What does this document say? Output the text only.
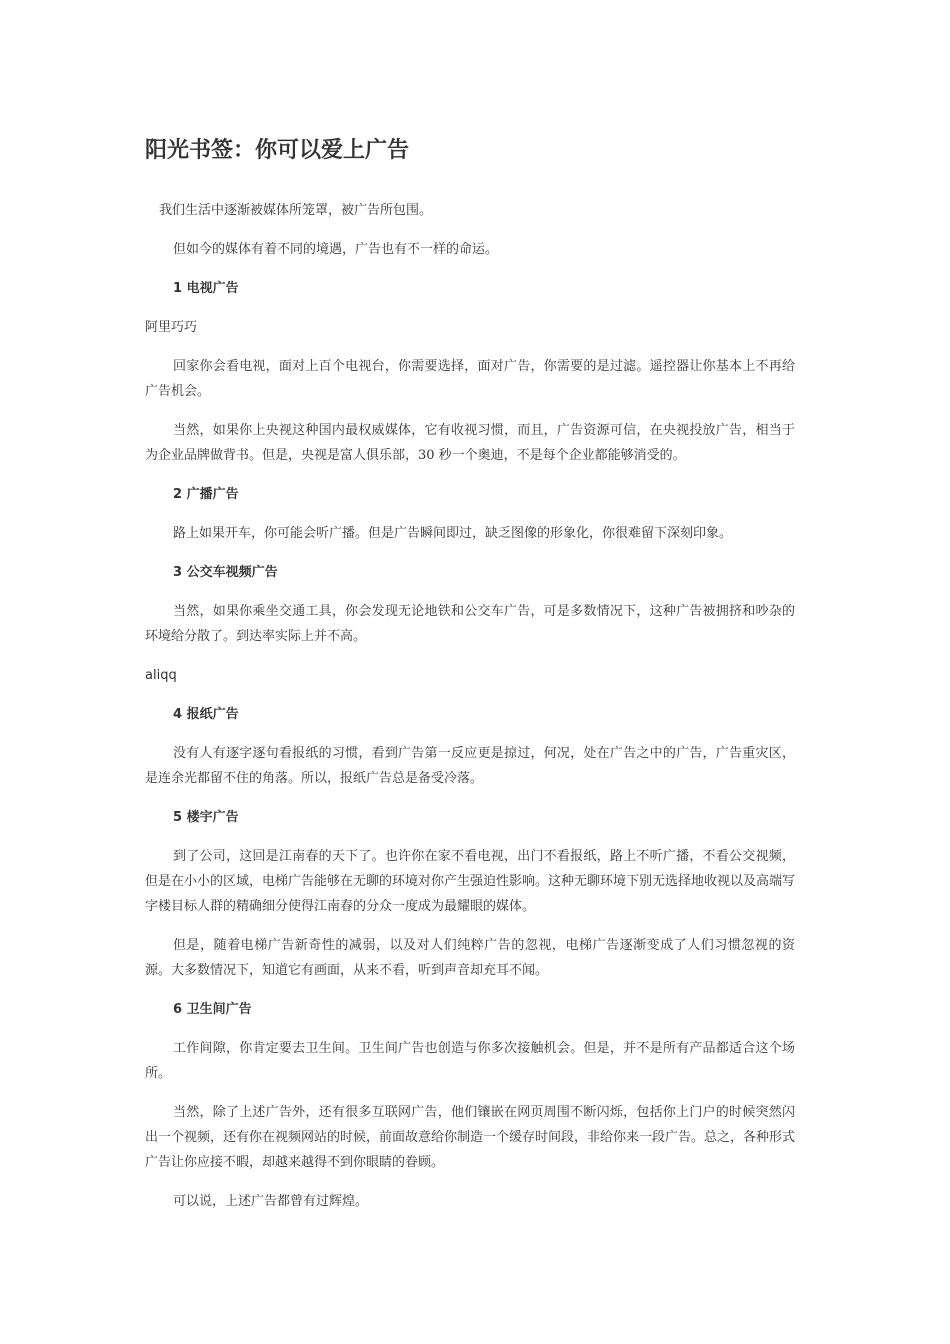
阳光书签：你可以爱上广告

我们生活中逐渐被媒体所笼罩，被广告所包围。

但如今的媒体有着不同的境遇，广告也有不一样的命运。

1 电视广告

阿里巧巧

回家你会看电视，面对上百个电视台，你需要选择，面对广告，你需要的是过滤。遥控器让你基本上不再给广告机会。

当然，如果你上央视这种国内最权威媒体，它有收视习惯，而且，广告资源可信，在央视投放广告，相当于为企业品牌做背书。但是，央视是富人俱乐部，30 秒一个奥迪，不是每个企业都能够消受的。

2 广播广告

路上如果开车，你可能会听广播。但是广告瞬间即过，缺乏图像的形象化，你很难留下深刻印象。

3 公交车视频广告

当然，如果你乘坐交通工具，你会发现无论地铁和公交车广告，可是多数情况下，这种广告被拥挤和吵杂的环境给分散了。到达率实际上并不高。

aliqq

4 报纸广告

没有人有逐字逐句看报纸的习惯，看到广告第一反应更是掠过，何况，处在广告之中的广告，广告重灾区，是连余光都留不住的角落。所以，报纸广告总是备受冷落。

5 楼宇广告

到了公司，这回是江南春的天下了。也许你在家不看电视，出门不看报纸，路上不听广播，不看公交视频，但是在小小的区域，电梯广告能够在无聊的环境对你产生强迫性影响。这种无聊环境下别无选择地收视以及高端写字楼目标人群的精确细分使得江南春的分众一度成为最耀眼的媒体。

但是，随着电梯广告新奇性的减弱，以及对人们纯粹广告的忽视，电梯广告逐渐变成了人们习惯忽视的资源。大多数情况下，知道它有画面，从来不看，听到声音却充耳不闻。

6 卫生间广告

工作间隙，你肯定要去卫生间。卫生间广告也创造与你多次接触机会。但是，并不是所有产品都适合这个场所。

当然，除了上述广告外，还有很多互联网广告，他们镶嵌在网页周围不断闪烁，包括你上门户的时候突然闪出一个视频，还有你在视频网站的时候，前面故意给你制造一个缓存时间段，非给你来一段广告。总之，各种形式广告让你应接不暇，却越来越得不到你眼睛的眷顾。

可以说，上述广告都曾有过辉煌。
